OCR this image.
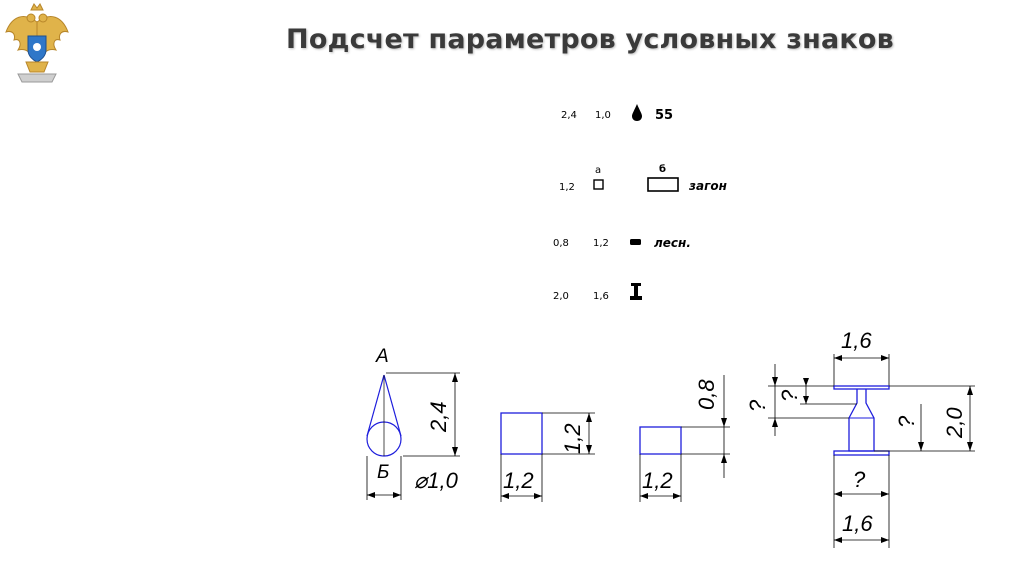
Подсчет параметров условных знаков
2,4 1,0	55
а	б
1,2	загон
0,8 1,2	лесн.
2,0 1,6
А
2,4
Б ⌀1,0
1,2
1,2
0,8
1,2
1,6
?
?
2,0
?
?
1,6
